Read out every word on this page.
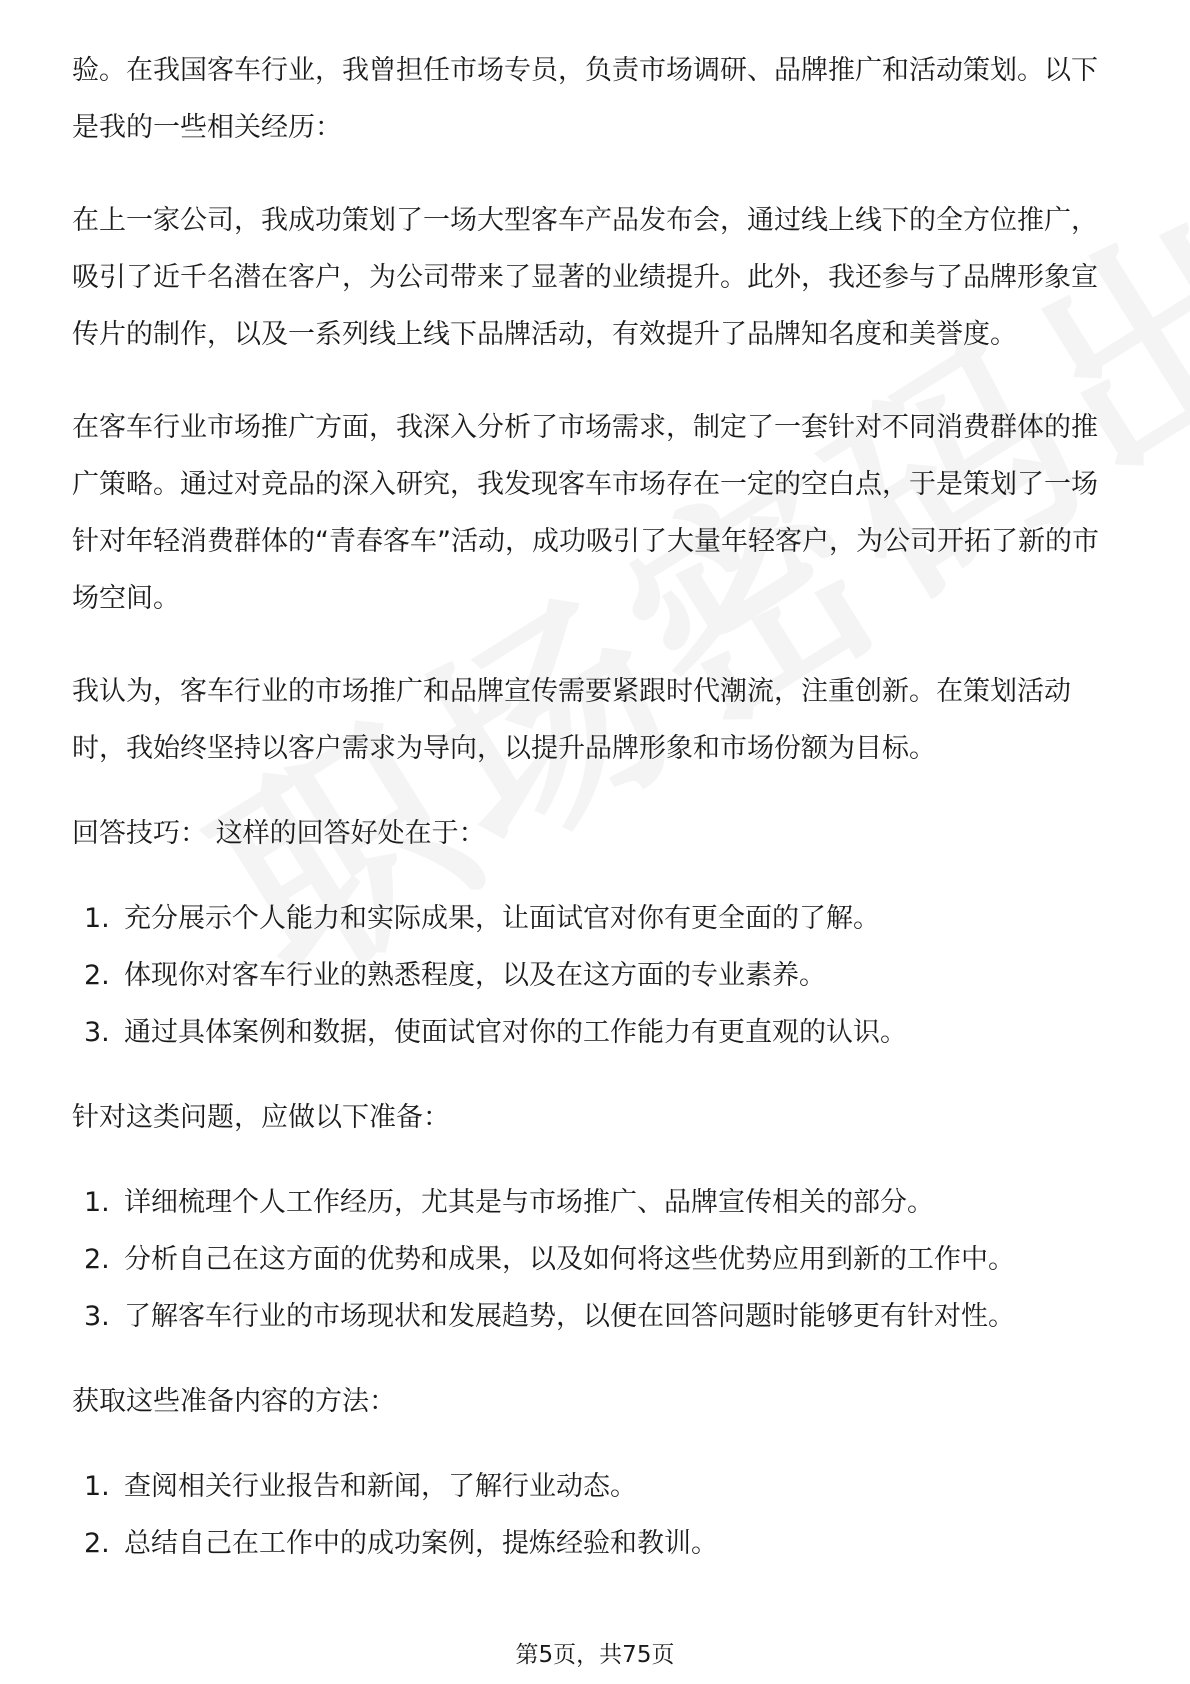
验。在我国客车行业，我曾担任市场专员，负责市场调研、品牌推广和活动策划。以下是我的一些相关经历：

在上一家公司，我成功策划了一场大型客车产品发布会，通过线上线下的全方位推广，吸引了近千名潜在客户，为公司带来了显著的业绩提升。此外，我还参与了品牌形象宣传片的制作，以及一系列线上线下品牌活动，有效提升了品牌知名度和美誉度。

在客车行业市场推广方面，我深入分析了市场需求，制定了一套针对不同消费群体的推广策略。通过对竞品的深入研究，我发现客车市场存在一定的空白点，于是策划了一场针对年轻消费群体的“青春客车”活动，成功吸引了大量年轻客户，为公司开拓了新的市场空间。

我认为，客车行业的市场推广和品牌宣传需要紧跟时代潮流，注重创新。在策划活动时，我始终坚持以客户需求为导向，以提升品牌形象和市场份额为目标。

回答技巧： 这样的回答好处在于：

1. 充分展示个人能力和实际成果，让面试官对你有更全面的了解。
2. 体现你对客车行业的熟悉程度，以及在这方面的专业素养。
3. 通过具体案例和数据，使面试官对你的工作能力有更直观的认识。

针对这类问题，应做以下准备：

1. 详细梳理个人工作经历，尤其是与市场推广、品牌宣传相关的部分。
2. 分析自己在这方面的优势和成果，以及如何将这些优势应用到新的工作中。
3. 了解客车行业的市场现状和发展趋势，以便在回答问题时能够更有针对性。

获取这些准备内容的方法：

1. 查阅相关行业报告和新闻，了解行业动态。
2. 总结自己在工作中的成功案例，提炼经验和教训。
第5页，共75页
